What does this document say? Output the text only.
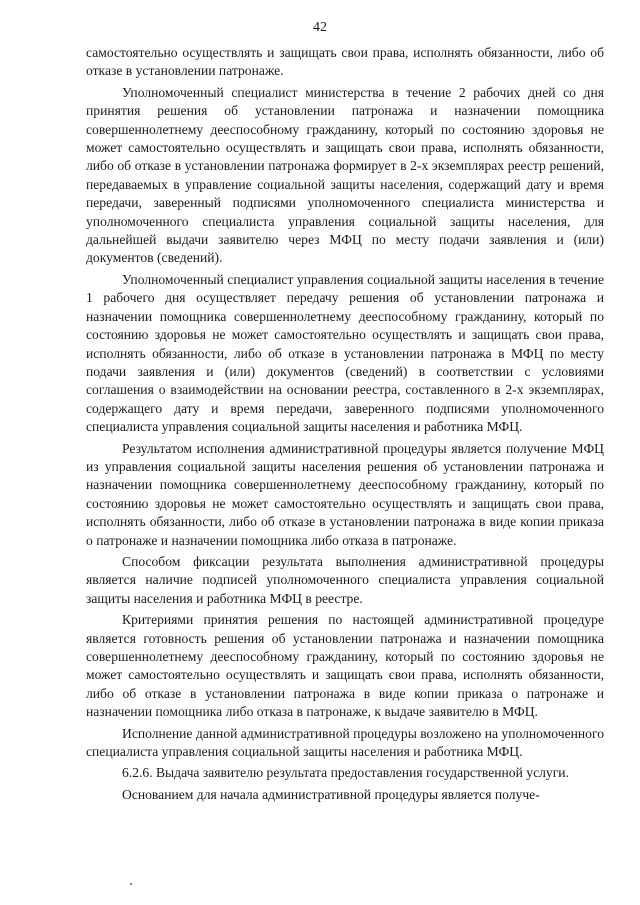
42

самостоятельно осуществлять и защищать свои права, исполнять обязанности, либо об отказе в установлении патронаже.

Уполномоченный специалист министерства в течение 2 рабочих дней со дня принятия решения об установлении патронажа и назначении помощника совершеннолетнему дееспособному гражданину, который по состоянию здоровья не может самостоятельно осуществлять и защищать свои права, исполнять обязанности, либо об отказе в установлении патронажа формирует в 2-х экземплярах реестр решений, передаваемых в управление социальной защиты населения, содержащий дату и время передачи, заверенный подписями уполномоченного специалиста министерства и уполномоченного специалиста управления социальной защиты населения, для дальнейшей выдачи заявителю через МФЦ по месту подачи заявления и (или) документов (сведений).

Уполномоченный специалист управления социальной защиты населения в течение 1 рабочего дня осуществляет передачу решения об установлении патронажа и назначении помощника совершеннолетнему дееспособному гражданину, который по состоянию здоровья не может самостоятельно осуществлять и защищать свои права, исполнять обязанности, либо об отказе в установлении патронажа в МФЦ по месту подачи заявления и (или) документов (сведений) в соответствии с условиями соглашения о взаимодействии на основании реестра, составленного в 2-х экземплярах, содержащего дату и время передачи, заверенного подписями уполномоченного специалиста управления социальной защиты населения и работника МФЦ.

Результатом исполнения административной процедуры является получение МФЦ из управления социальной защиты населения решения об установлении патронажа и назначении помощника совершеннолетнему дееспособному гражданину, который по состоянию здоровья не может самостоятельно осуществлять и защищать свои права, исполнять обязанности, либо об отказе в установлении патронажа в виде копии приказа о патронаже и назначении помощника либо отказа в патронаже.

Способом фиксации результата выполнения административной процедуры является наличие подписей уполномоченного специалиста управления социальной защиты населения и работника МФЦ в реестре.

Критериями принятия решения по настоящей административной процедуре является готовность решения об установлении патронажа и назначении помощника совершеннолетнему дееспособному гражданину, который по состоянию здоровья не может самостоятельно осуществлять и защищать свои права, исполнять обязанности, либо об отказе в установлении патронажа в виде копии приказа о патронаже и назначении помощника либо отказа в патронаже, к выдаче заявителю в МФЦ.

Исполнение данной административной процедуры возложено на уполномоченного специалиста управления социальной защиты населения и работника МФЦ.

6.2.6. Выдача заявителю результата предоставления государственной услуги.

Основанием для начала административной процедуры является получе-
